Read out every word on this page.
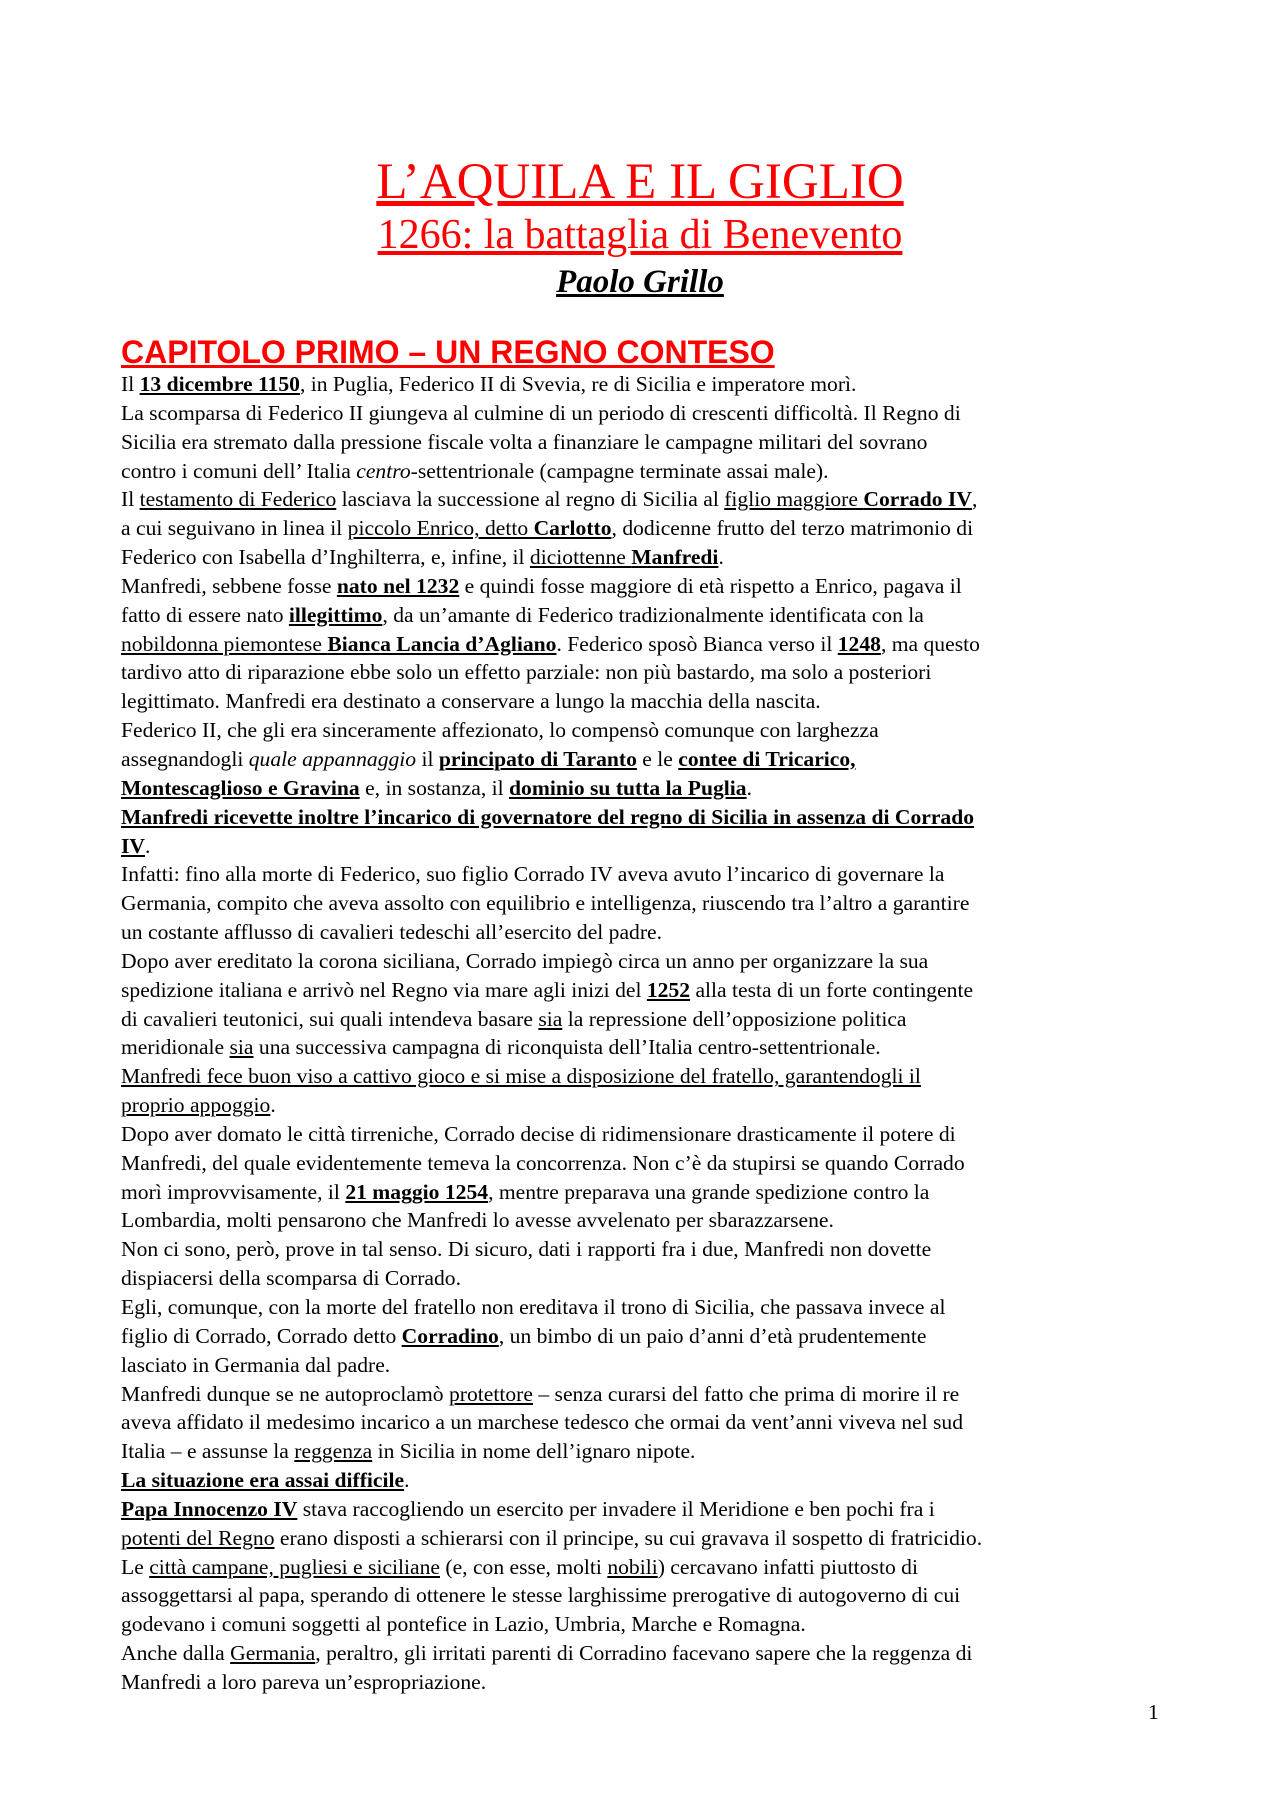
L’AQUILA E IL GIGLIO
1266: la battaglia di Benevento
Paolo Grillo
CAPITOLO PRIMO – UN REGNO CONTESO
Il 13 dicembre 1150, in Puglia, Federico II di Svevia, re di Sicilia e imperatore morì.
La scomparsa di Federico II giungeva al culmine di un periodo di crescenti difficoltà. Il Regno di
Sicilia era stremato dalla pressione fiscale volta a finanziare le campagne militari del sovrano
contro i comuni dell’ Italia centro-settentrionale (campagne terminate assai male).
Il testamento di Federico lasciava la successione al regno di Sicilia al figlio maggiore Corrado IV,
a cui seguivano in linea il piccolo Enrico, detto Carlotto, dodicenne frutto del terzo matrimonio di
Federico con Isabella d’Inghilterra, e, infine, il diciottenne Manfredi.
Manfredi, sebbene fosse nato nel 1232 e quindi fosse maggiore di età rispetto a Enrico, pagava il
fatto di essere nato illegittimo, da un’amante di Federico tradizionalmente identificata con la
nobildonna piemontese Bianca Lancia d’Agliano. Federico sposò Bianca verso il 1248, ma questo
tardivo atto di riparazione ebbe solo un effetto parziale: non più bastardo, ma solo a posteriori
legittimato. Manfredi era destinato a conservare a lungo la macchia della nascita.
Federico II, che gli era sinceramente affezionato, lo compensò comunque con larghezza
assegnandogli quale appannaggio il principato di Taranto e le contee di Tricarico,
Montescaglioso e Gravina e, in sostanza, il dominio su tutta la Puglia.
Manfredi ricevette inoltre l’incarico di governatore del regno di Sicilia in assenza di Corrado
IV.
Infatti: fino alla morte di Federico, suo figlio Corrado IV aveva avuto l’incarico di governare la
Germania, compito che aveva assolto con equilibrio e intelligenza, riuscendo tra l’altro a garantire
un costante afflusso di cavalieri tedeschi all’esercito del padre.
Dopo aver ereditato la corona siciliana, Corrado impiegò circa un anno per organizzare la sua
spedizione italiana e arrivò nel Regno via mare agli inizi del 1252 alla testa di un forte contingente
di cavalieri teutonici, sui quali intendeva basare sia la repressione dell’opposizione politica
meridionale sia una successiva campagna di riconquista dell’Italia centro-settentrionale.
Manfredi fece buon viso a cattivo gioco e si mise a disposizione del fratello, garantendogli il
proprio appoggio.
Dopo aver domato le città tirreniche, Corrado decise di ridimensionare drasticamente il potere di
Manfredi, del quale evidentemente temeva la concorrenza. Non c’è da stupirsi se quando Corrado
morì improvvisamente, il 21 maggio 1254, mentre preparava una grande spedizione contro la
Lombardia, molti pensarono che Manfredi lo avesse avvelenato per sbarazzarsene.
Non ci sono, però, prove in tal senso. Di sicuro, dati i rapporti fra i due, Manfredi non dovette
dispiacersi della scomparsa di Corrado.
Egli, comunque, con la morte del fratello non ereditava il trono di Sicilia, che passava invece al
figlio di Corrado, Corrado detto Corradino, un bimbo di un paio d’anni d’età prudentemente
lasciato in Germania dal padre.
Manfredi dunque se ne autoproclamò protettore – senza curarsi del fatto che prima di morire il re
aveva affidato il medesimo incarico a un marchese tedesco che ormai da vent’anni viveva nel sud
Italia – e assunse la reggenza in Sicilia in nome dell’ignaro nipote.
La situazione era assai difficile.
Papa Innocenzo IV stava raccogliendo un esercito per invadere il Meridione e ben pochi fra i
potenti del Regno erano disposti a schierarsi con il principe, su cui gravava il sospetto di fratricidio.
Le città campane, pugliesi e siciliane (e, con esse, molti nobili) cercavano infatti piuttosto di
assoggettarsi al papa, sperando di ottenere le stesse larghissime prerogative di autogoverno di cui
godevano i comuni soggetti al pontefice in Lazio, Umbria, Marche e Romagna.
Anche dalla Germania, peraltro, gli irritati parenti di Corradino facevano sapere che la reggenza di
Manfredi a loro pareva un’espropriazione.
1
